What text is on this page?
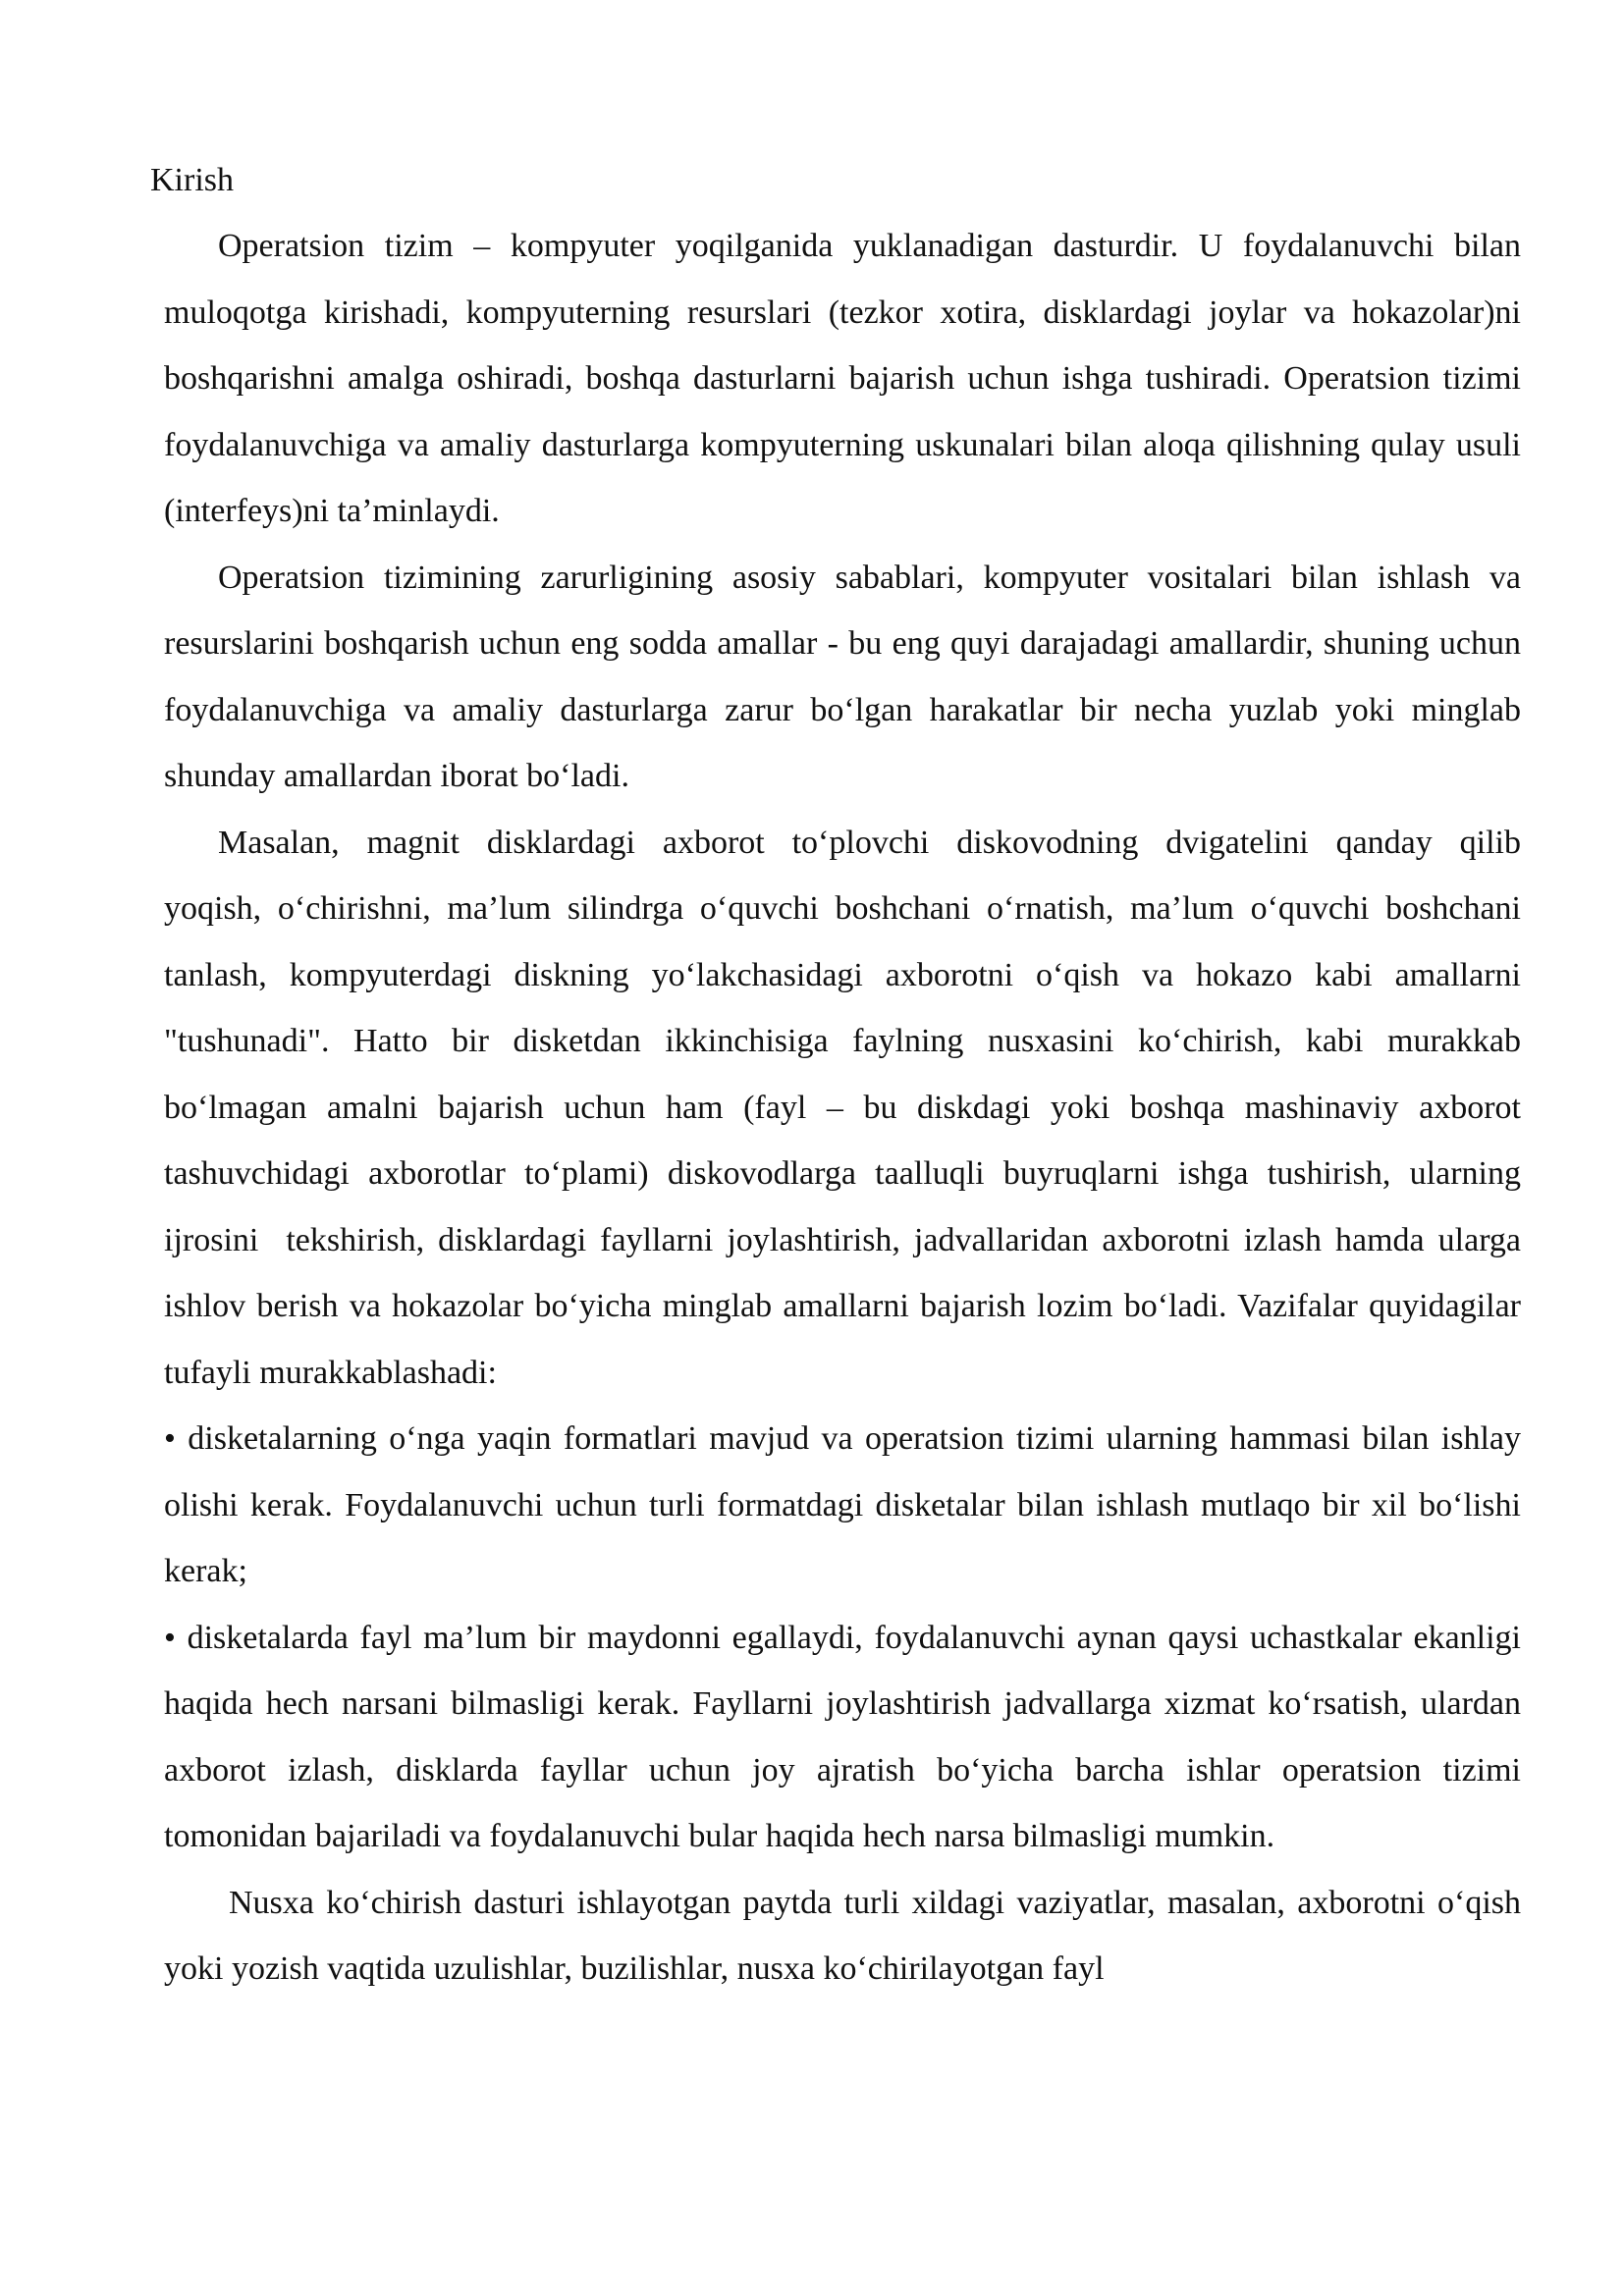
Kirish

Operatsion tizim – kompyuter yoqilganida yuklanadigan dasturdir. U foydalanuvchi bilan muloqotga kirishadi, kompyuterning resurslari (tezkor xotira, disklardagi joylar va hokazolar)ni boshqarishni amalga oshiradi, boshqa dasturlarni bajarish uchun ishga tushiradi. Operatsion tizimi foydalanuvchiga va amaliy dasturlarga kompyuterning uskunalari bilan aloqa qilishning qulay usuli (interfeys)ni ta’minlaydi.

Operatsion tizimining zarurligining asosiy sabablari, kompyuter vositalari bilan ishlash va resurslarini boshqarish uchun eng sodda amallar - bu eng quyi darajadagi amallardir, shuning uchun foydalanuvchiga va amaliy dasturlarga zarur bo‘lgan harakatlar bir necha yuzlab yoki minglab shunday amallardan iborat bo‘ladi.

Masalan, magnit disklardagi axborot to‘plovchi diskovodning dvigatelini qanday qilib         yoqish, o‘chirishni, ma’lum silindrga o‘quvchi boshchani o‘rnatish, ma’lum o‘quvchi boshchani tanlash, kompyuterdagi diskning yo‘lakchasidagi axborotni o‘qish va hokazo kabi amallarni      "tushunadi". Hatto bir disketdan ikkinchisiga faylning nusxasini ko‘chirish, kabi murakkab bo‘lmagan amalni bajarish uchun ham (fayl – bu diskdagi yoki boshqa mashinaviy axborot tashuvchidagi axborotlar to‘plami) diskovodlarga taalluqli buyruqlarni ishga tushirish, ularning ijrosini  tekshirish, disklardagi fayllarni joylashtirish, jadvallaridan axborotni izlash hamda ularga ishlov berish va hokazolar bo‘yicha minglab amallarni bajarish lozim bo‘ladi. Vazifalar quyidagilar tufayli murakkablashadi:

• disketalarning o‘nga yaqin formatlari mavjud va operatsion tizimi ularning hammasi bilan ishlay olishi kerak. Foydalanuvchi uchun turli formatdagi disketalar bilan ishlash mutlaqo bir xil bo‘lishi kerak;

• disketalarda fayl ma’lum bir maydonni egallaydi, foydalanuvchi aynan qaysi uchastkalar ekanligi haqida hech narsani bilmasligi kerak. Fayllarni joylashtirish jadvallarga xizmat ko‘rsatish, ulardan axborot izlash, disklarda fayllar uchun joy ajratish bo‘yicha barcha ishlar operatsion tizimi tomonidan bajariladi va foydalanuvchi bular haqida hech narsa bilmasligi mumkin.

Nusxa ko‘chirish dasturi ishlayotgan paytda turli xildagi vaziyatlar, masalan, axborotni o‘qish yoki yozish vaqtida uzulishlar, buzilishlar, nusxa ko‘chirilayotgan fayl
